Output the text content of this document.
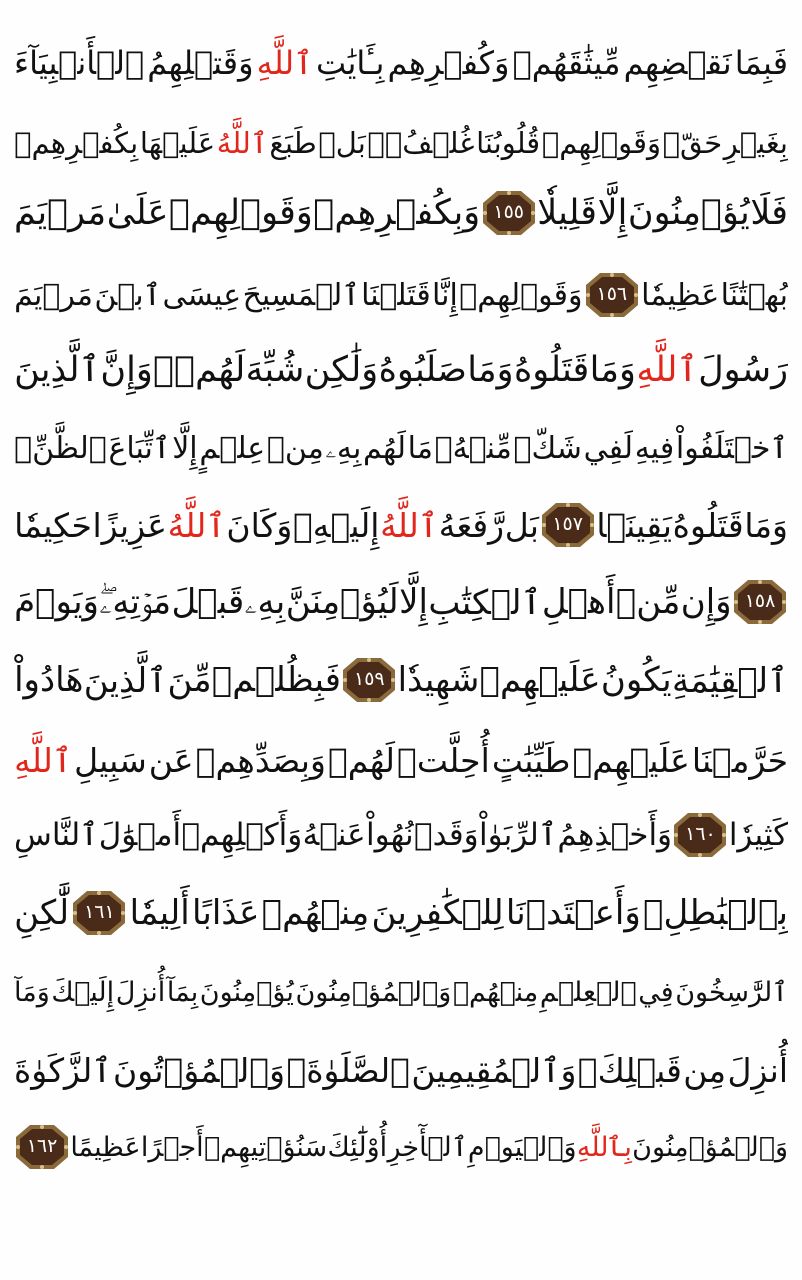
فَبِمَا
نَقۡضِهِم
مِّيثَٰقَهُمۡ
وَكُفۡرِهِم
بِـَٔايَٰتِ
ٱللَّهِ
وَقَتۡلِهِمُ
ٱلۡأَنۢبِيَآءَ
بِغَيۡرِ
حَقّٖ
وَقَوۡلِهِمۡ
قُلُوبُنَا
غُلۡفُۢۚ
بَلۡ
طَبَعَ
ٱللَّهُ
عَلَيۡهَا
بِكُفۡرِهِمۡ
فَلَا
يُؤۡمِنُونَ
إِلَّا
قَلِيلٗا
١٥٥
وَبِكُفۡرِهِمۡ
وَقَوۡلِهِمۡ
عَلَىٰ
مَرۡيَمَ
بُهۡتَٰنًا
عَظِيمٗا
١٥٦
وَقَوۡلِهِمۡ
إِنَّا
قَتَلۡنَا
ٱلۡمَسِيحَ
عِيسَى
ٱبۡنَ
مَرۡيَمَ
رَسُولَ
ٱللَّهِ
وَمَا
قَتَلُوهُ
وَمَا
صَلَبُوهُ
وَلَٰكِن
شُبِّهَ
لَهُمۡۚ
وَإِنَّ
ٱلَّذِينَ
ٱخۡتَلَفُواْ
فِيهِ
لَفِي
شَكّٖ
مِّنۡهُۚ
مَا
لَهُم
بِهِۦ
مِنۡ
عِلۡمٍ
إِلَّا
ٱتِّبَاعَ
ٱلظَّنِّۚ
وَمَا
قَتَلُوهُ
يَقِينَۢا
١٥٧
بَل
رَّفَعَهُ
ٱللَّهُ
إِلَيۡهِۚ
وَكَانَ
ٱللَّهُ
عَزِيزًا
حَكِيمٗا
١٥٨
وَإِن
مِّنۡ
أَهۡلِ
ٱلۡكِتَٰبِ
إِلَّا
لَيُؤۡمِنَنَّ
بِهِۦ
قَبۡلَ
مَوۡتِهِۦۖ
وَيَوۡمَ
ٱلۡقِيَٰمَةِ
يَكُونُ
عَلَيۡهِمۡ
شَهِيدٗا
١٥٩
فَبِظُلۡمٖ
مِّنَ
ٱلَّذِينَ
هَادُواْ
حَرَّمۡنَا
عَلَيۡهِمۡ
طَيِّبَٰتٍ
أُحِلَّتۡ
لَهُمۡ
وَبِصَدِّهِمۡ
عَن
سَبِيلِ
ٱللَّهِ
كَثِيرٗا
١٦٠
وَأَخۡذِهِمُ
ٱلرِّبَوٰاْ
وَقَدۡ
نُهُواْ
عَنۡهُ
وَأَكۡلِهِمۡ
أَمۡوَٰلَ
ٱلنَّاسِ
بِٱلۡبَٰطِلِۚ
وَأَعۡتَدۡنَا
لِلۡكَٰفِرِينَ
مِنۡهُمۡ
عَذَابًا
أَلِيمٗا
١٦١
لَّٰكِنِ
ٱلرَّٰسِخُونَ
فِي
ٱلۡعِلۡمِ
مِنۡهُمۡ
وَٱلۡمُؤۡمِنُونَ
يُؤۡمِنُونَ
بِمَآ
أُنزِلَ
إِلَيۡكَ
وَمَآ
أُنزِلَ
مِن
قَبۡلِكَۚ
وَٱلۡمُقِيمِينَ
ٱلصَّلَوٰةَۚ
وَٱلۡمُؤۡتُونَ
ٱلزَّكَوٰةَ
وَٱلۡمُؤۡمِنُونَ
بِٱللَّهِ
وَٱلۡيَوۡمِ
ٱلۡأٓخِرِ
أُوْلَٰٓئِكَ
سَنُؤۡتِيهِمۡ
أَجۡرًا
عَظِيمًا
١٦٢
